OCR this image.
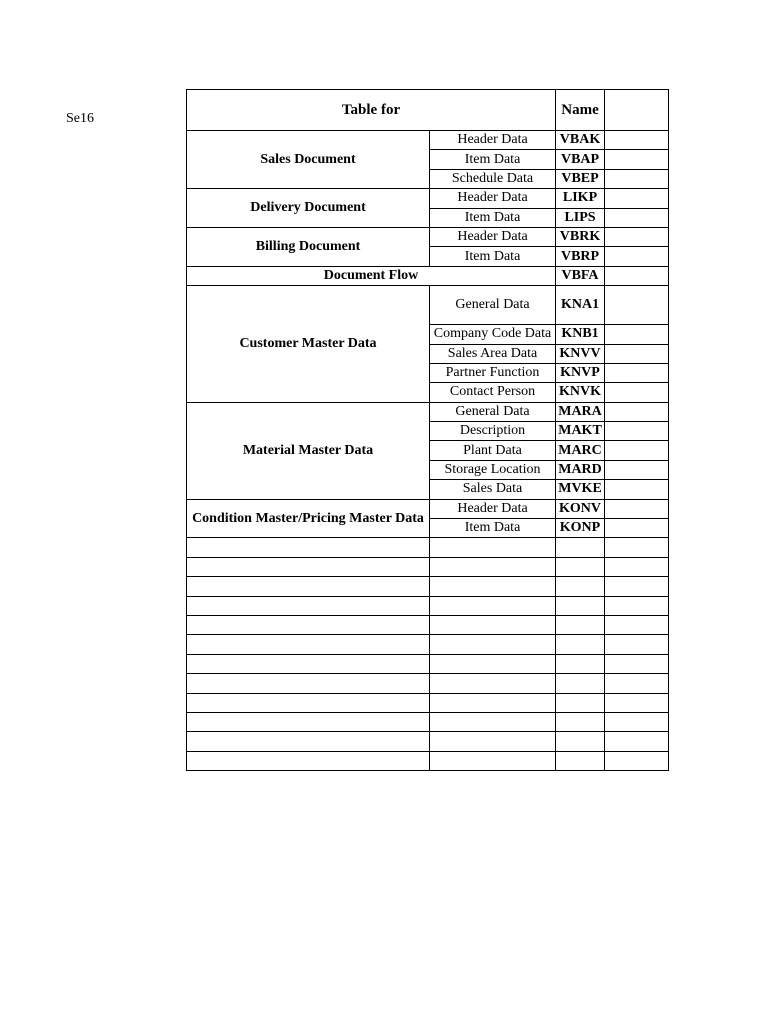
Se16
Table for		Name	
Sales Document	Header Data	VBAK	
	Item Data	VBAP	
	Schedule Data	VBEP	
Delivery Document	Header Data	LIKP	
	Item Data	LIPS	
Billing Document	Header Data	VBRK	
	Item Data	VBRP	
Document Flow		VBFA	
Customer Master Data	General Data	KNA1	
	Company Code Data	KNB1	
	Sales Area Data	KNVV	
	Partner Function	KNVP	
	Contact Person	KNVK	
Material Master Data	General Data	MARA	
	Description	MAKT	
	Plant Data	MARC	
	Storage Location	MARD	
	Sales Data	MVKE	
Condition Master/Pricing Master Data	Header Data	KONV	
	Item Data	KONP	
